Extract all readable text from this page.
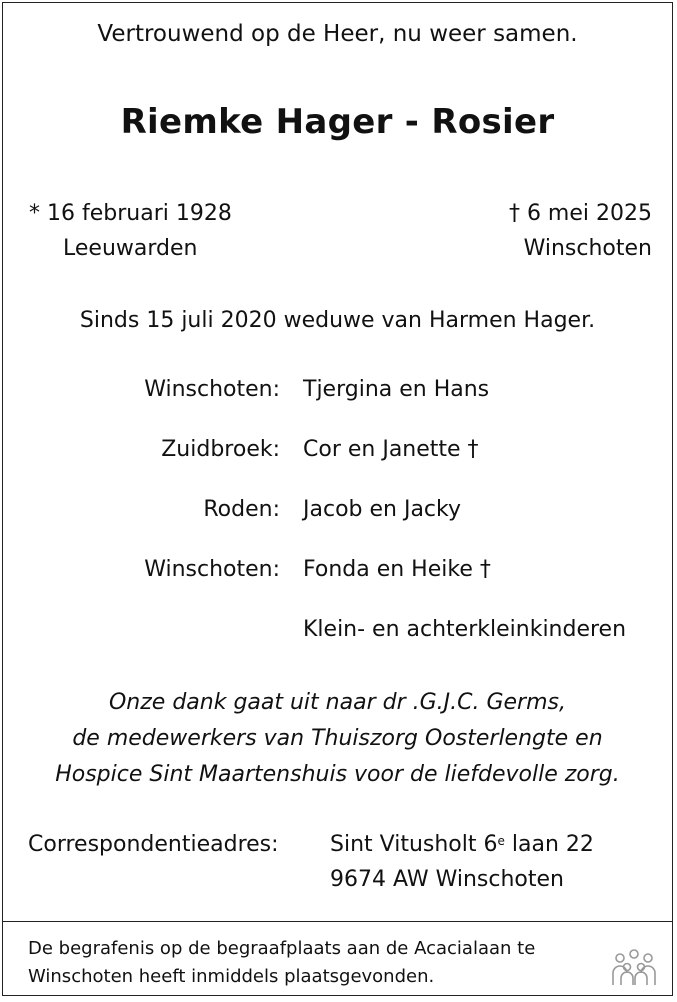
Vertrouwend op de Heer, nu weer samen.
Riemke Hager - Rosier
* 16 februari 1928
Leeuwarden
† 6 mei 2025
Winschoten
Sinds 15 juli 2020 weduwe van Harmen Hager.
Winschoten: Tjergina en Hans
Zuidbroek: Cor en Janette †
Roden: Jacob en Jacky
Winschoten: Fonda en Heike †
Klein- en achterkleinkinderen
Onze dank gaat uit naar dr .G.J.C. Germs,
de medewerkers van Thuiszorg Oosterlengte en
Hospice Sint Maartenshuis voor de liefdevolle zorg.
Correspondentieadres: Sint Vitusholt 6e laan 22
9674 AW Winschoten
De begrafenis op de begraafplaats aan de Acacialaan te Winschoten heeft inmiddels plaatsgevonden.
